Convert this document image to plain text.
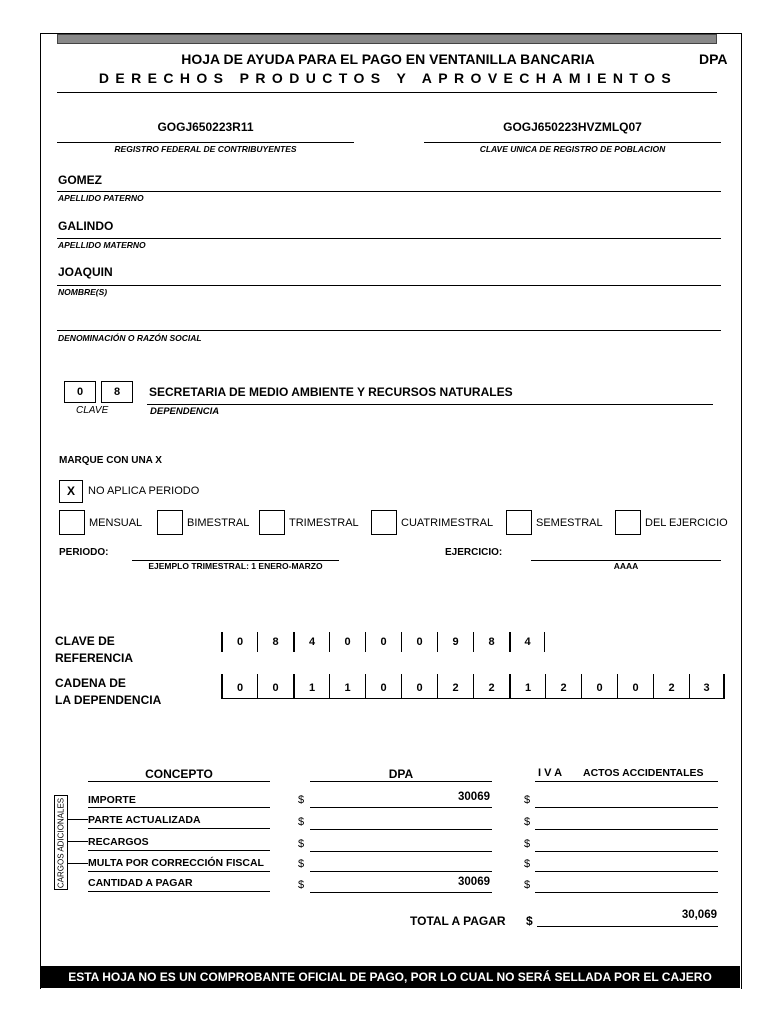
HOJA DE AYUDA PARA EL PAGO EN VENTANILLA BANCARIA	DPA
DERECHOS PRODUCTOS Y APROVECHAMIENTOS
GOGJ650223R11
REGISTRO FEDERAL DE CONTRIBUYENTES
GOGJ650223HVZMLQ07
CLAVE UNICA DE REGISTRO DE POBLACION
GOMEZ
APELLIDO PATERNO
GALINDO
APELLIDO MATERNO
JOAQUIN
NOMBRE(S)
DENOMINACIÓN O RAZÓN SOCIAL
0	8
CLAVE
SECRETARIA DE MEDIO AMBIENTE Y RECURSOS NATURALES
DEPENDENCIA
MARQUE CON UNA X
X	NO APLICA PERIODO
MENSUAL	BIMESTRAL	TRIMESTRAL	CUATRIMESTRAL	SEMESTRAL	DEL EJERCICIO
PERIODO:
EJEMPLO TRIMESTRAL: 1 ENERO-MARZO
EJERCICIO:
AAAA
CLAVE DE
REFERENCIA
0	8	4	0	0	0	9	8	4
CADENA DE
LA DEPENDENCIA
0	0	1	1	0	0	2	2	1	2	0	0	2	3
CONCEPTO	DPA	I V A ACTOS ACCIDENTALES
CARGOS ADICIONALES IMPORTE	$	30069	$
PARTE ACTUALIZADA	$	$
RECARGOS	$	$
MULTA POR CORRECCIÓN FISCAL	$	$
CANTIDAD A PAGAR	$	30069	$
TOTAL A PAGAR $	30,069
ESTA HOJA NO ES UN COMPROBANTE OFICIAL DE PAGO, POR LO CUAL NO SERÁ SELLADA POR EL CAJERO
